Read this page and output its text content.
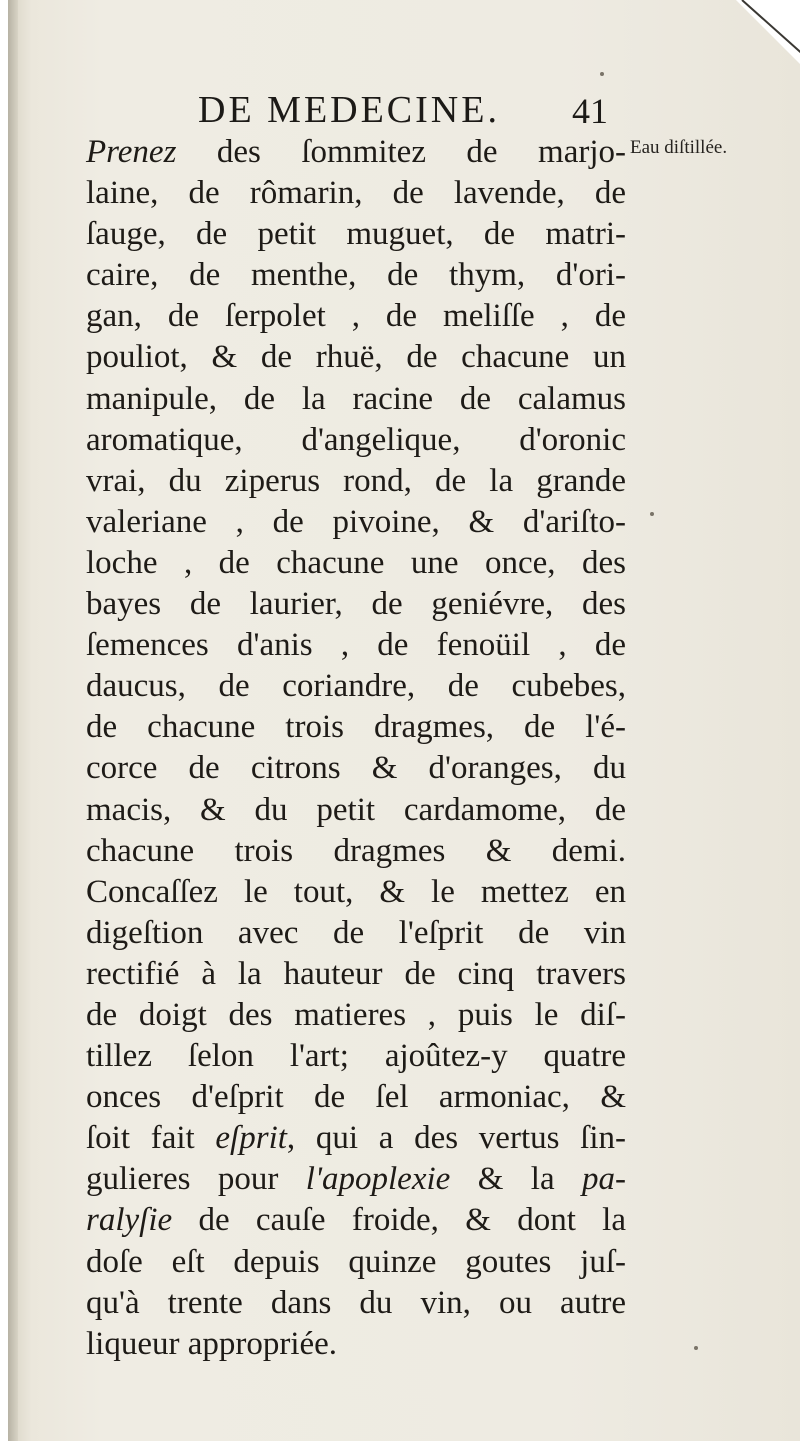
DE MEDECINE. 41
Eau diſtillée.
Prenez des ſommitez de marjo-
laine, de rômarin, de lavende, de
ſauge, de petit muguet, de matri-
caire, de menthe, de thym, d'ori-
gan, de ſerpolet , de meliſſe , de
pouliot, & de rhuë, de chacune un
manipule, de la racine de calamus
aromatique, d'angelique, d'oronic
vrai, du ziperus rond, de la grande
valeriane , de pivoine, & d'ariſto-
loche , de chacune une once, des
bayes de laurier, de geniévre, des
ſemences d'anis , de fenoüil , de
daucus, de coriandre, de cubebes,
de chacune trois dragmes, de l'é-
corce de citrons & d'oranges, du
macis, & du petit cardamome, de
chacune trois dragmes & demi.
Concaſſez le tout, & le mettez en
digeſtion avec de l'eſprit de vin
rectifié à la hauteur de cinq travers
de doigt des matieres , puis le diſ-
tillez ſelon l'art; ajoûtez-y quatre
onces d'eſprit de ſel armoniac, &
ſoit fait eſprit, qui a des vertus ſin-
gulieres pour l'apoplexie & la pa-
ralyſie de cauſe froide, & dont la
doſe eſt depuis quinze goutes juſ-
qu'à trente dans du vin, ou autre
liqueur appropriée.
